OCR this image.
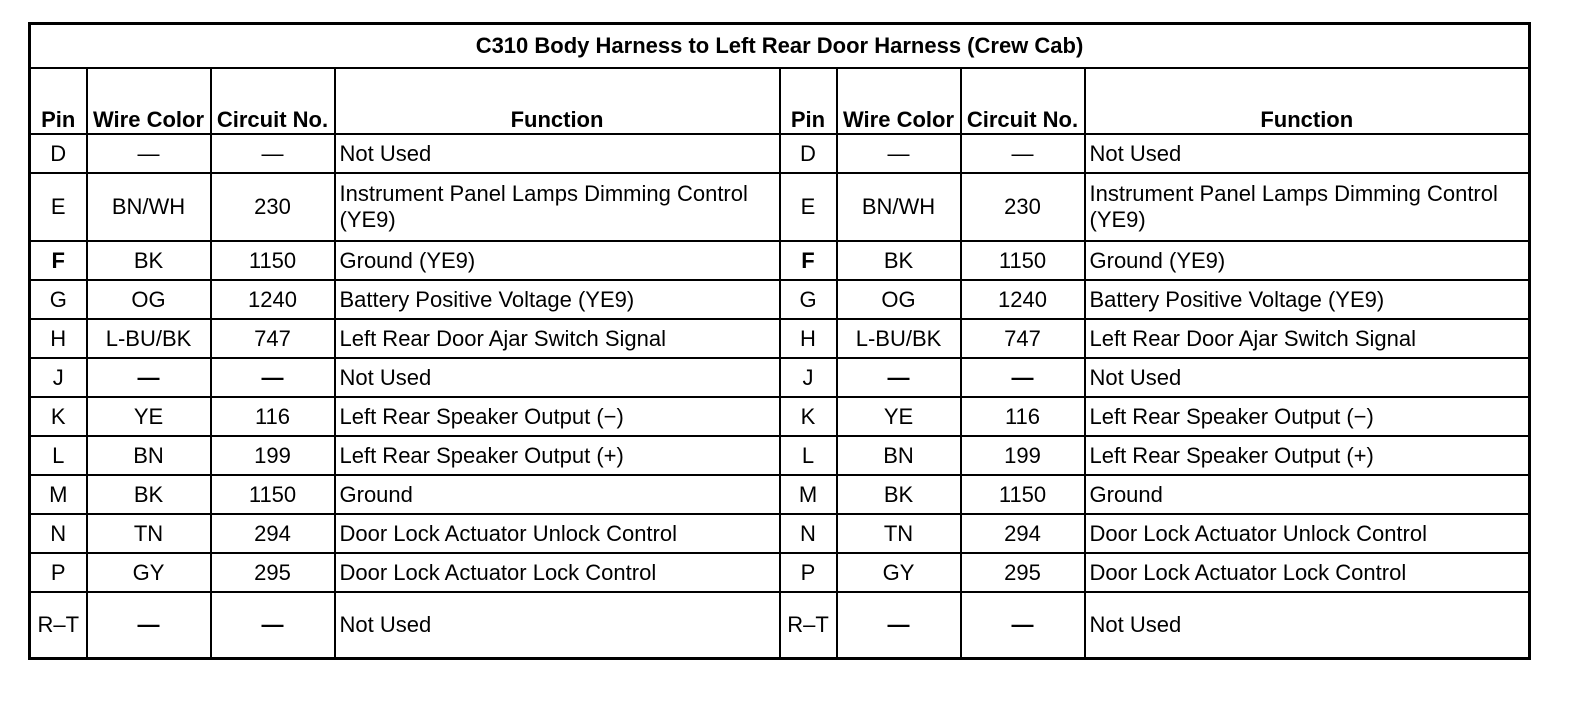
C310 Body Harness to Left Rear Door Harness (Crew Cab)							
Pin	Wire Color	Circuit No.	Function	Pin	Wire Color	Circuit No.	Function
D	—	—	Not Used	D	—	—	Not Used
E	BN/WH	230	Instrument Panel Lamps Dimming Control (YE9)	E	BN/WH	230	Instrument Panel Lamps Dimming Control (YE9)
F	BK	1150	Ground (YE9)	F	BK	1150	Ground (YE9)
G	OG	1240	Battery Positive Voltage (YE9)	G	OG	1240	Battery Positive Voltage (YE9)
H	L-BU/BK	747	Left Rear Door Ajar Switch Signal	H	L-BU/BK	747	Left Rear Door Ajar Switch Signal
J	—	—	Not Used	J	—	—	Not Used
K	YE	116	Left Rear Speaker Output (−)	K	YE	116	Left Rear Speaker Output (−)
L	BN	199	Left Rear Speaker Output (+)	L	BN	199	Left Rear Speaker Output (+)
M	BK	1150	Ground	M	BK	1150	Ground
N	TN	294	Door Lock Actuator Unlock Control	N	TN	294	Door Lock Actuator Unlock Control
P	GY	295	Door Lock Actuator Lock Control	P	GY	295	Door Lock Actuator Lock Control
R–T	—	—	Not Used	R–T	—	—	Not Used
